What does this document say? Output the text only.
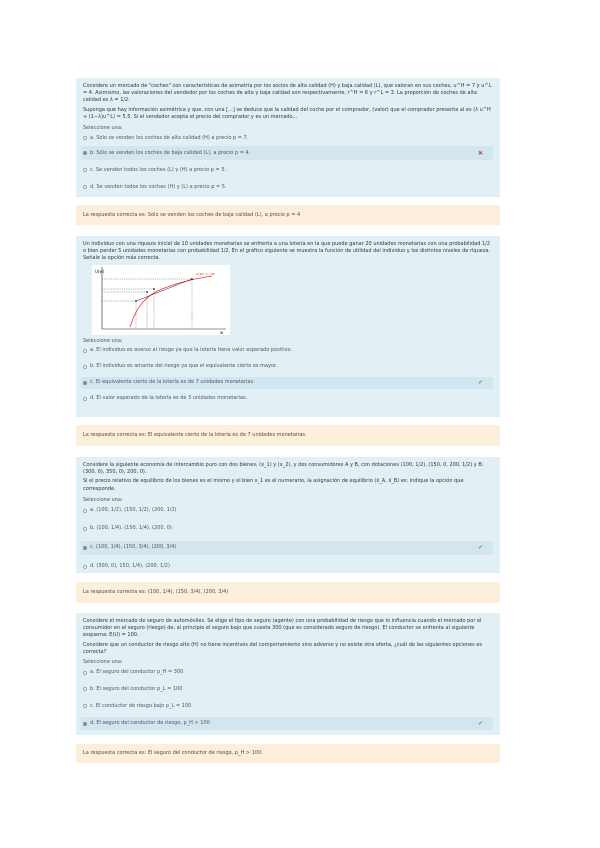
Considere un mercado de "coches" con características de asimetría por los socios de alta calidad (H) y baja calidad (L), que valoran en sus coches, u^H = 7 y u^L = 4. Asimismo, las valoraciones del vendedor por los coches de alta y baja calidad son respectivamente, r^H = 6 y r^L = 3. La proporción de coches de alta calidad es λ = 1/2.
Suponga que hay información asimétrica y que, con una [...] se deduce que la calidad del coche por el comprador, (valor) que el comprador presenta al es (λ u^H + (1−λ)u^L) = 5.5. Si el vendedor acepta el precio del comprador y es un mercado...
Seleccione una:
a. Sólo se venden los coches de alta calidad (H) a precio p = 7.
b. Sólo se venden los coches de baja calidad (L), a precio p = 4.	✖
c. Se venden todos los coches (L) y (H) a precio p = 5.
d. Se venden todos los coches (H) y (L) a precio p = 5.
La respuesta correcta es: Sólo se venden los coches de baja calidad (L), a precio p = 4
Un individuo con una riqueza inicial de 10 unidades monetarias se enfrenta a una lotería en la que puede ganar 20 unidades monetarias con una probabilidad 1/2 o bien perder 5 unidades monetarias con probabilidad 1/2. En el gráfico siguiente se muestra la función de utilidad del individuo y los distintos niveles de riqueza. Señale la opción más correcta.
U(w)
w
u(w) = √w
Seleccione una:
a. El individuo es averso al riesgo ya que la lotería tiene valor esperado positivo.
b. El individuo es amante del riesgo ya que el equivalente cierto es mayor.
c. El equivalente cierto de la lotería es de 7 unidades monetarias.	✔
d. El valor esperado de la lotería es de 3 unidades monetarias.
La respuesta correcta es: El equivalente cierto de la lotería es de 7 unidades monetarias.
Considere la siguiente economía de intercambio puro con dos bienes, (x_1) y (x_2), y dos consumidores A y B, con dotaciones (100, 1/2), (150, 0, 200, 1/2) y B: (300, 0), 350, 0), 200, 0).
Si el precio relativo de equilibrio de los bienes es el mismo y el bien x_1 es el numerario, la asignación de equilibrio (x̄_A, x̄_B) es: indique la opción que corresponde.
Seleccione una:
a. (100, 1/2), (150, 1/2), (200, 1/2)
b. (100, 1/4), (150, 1/4), (200, 0)
c. (100, 1/4), (150, 3/4), (200, 3/4)	✔
d. (300, 0), 150, 1/4), (200, 1/2)
La respuesta correcta es: (100, 1/4), (150, 3/4), (200, 3/4)
Considere el mercado de seguro de automóviles. Se elige el tipo de seguro (agente) con una probabilidad de riesgo que lo influencia cuando el mercado por el consumidor en el seguro (riesgo) de, al principio el seguro bajo que cuesta 300 (que es considerado seguro de riesgo). El conductor se enfrenta al siguiente esquema: E(U) = 100.
Considere que un conductor de riesgo alto (H) no tiene incentivos del comportamiento sino adverso y no existe otra oferta, ¿cuál de las siguientes opciones es correcta?
Seleccione una:
a. El seguro del conductor p_H = 300
b. El seguro del conductor p_L = 100
c. El conductor de riesgo bajo p_L = 100
d. El seguro del conductor de riesgo, p_H > 100	✔
La respuesta correcta es: El seguro del conductor de riesgo, p_H > 100.
